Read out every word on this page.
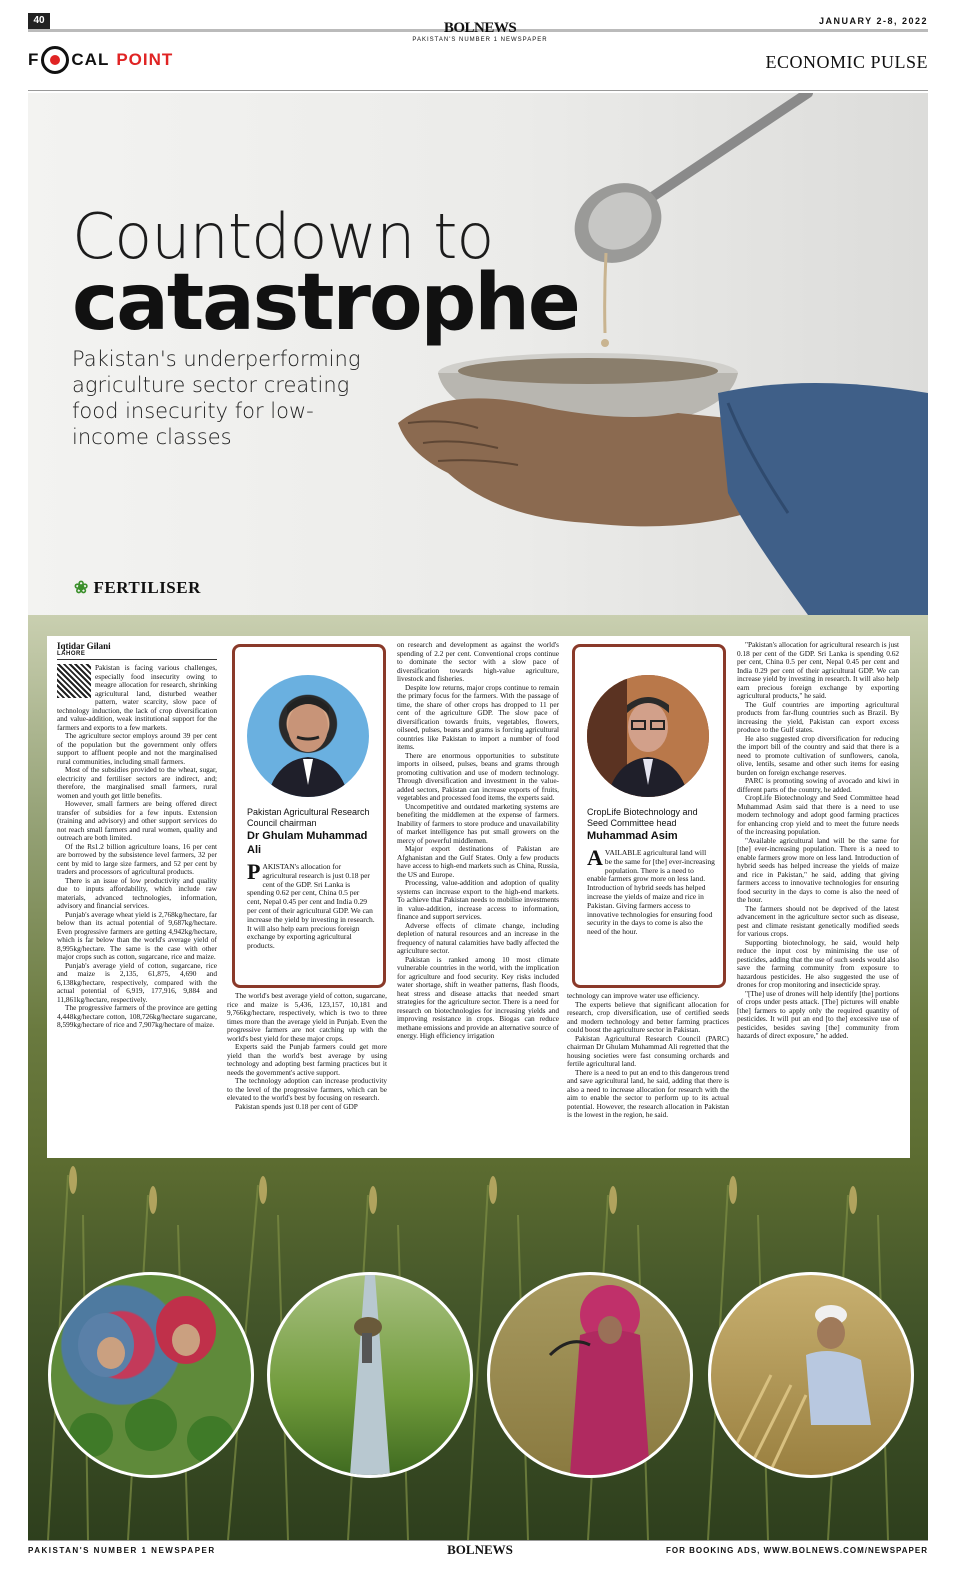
40	BOLNEWS
PAKISTAN'S NUMBER 1 NEWSPAPER
JANUARY 2-8, 2022
F CAL POINT	ECONOMIC PULSE
Countdown to
catastrophe
Pakistan's underperforming agriculture sector creating food insecurity for low-income classes
❀ FERTILISER
Iqtidar Gilani
LAHORE

Pakistan is facing various challenges, especially food insecurity owing to meagre allocation for research, shrinking agricultural land, disturbed weather pattern, water scarcity, slow pace of technology induction, the lack of crop diversification and value-addition, weak institutional support for the farmers and exports to a few markets.

The agriculture sector employs around 39 per cent of the population but the government only offers support to affluent people and not the marginalised rural communities, including small farmers.

Most of the subsidies provided to the wheat, sugar, electricity and fertiliser sectors are indirect, and; therefore, the marginalised small farmers, rural women and youth get little benefits.

However, small farmers are being offered direct transfer of subsidies for a few inputs. Extension (training and advisory) and other support services do not reach small farmers and rural women, quality and outreach are both limited.

Of the Rs1.2 billion agriculture loans, 16 per cent are borrowed by the subsistence level farmers, 32 per cent by mid to large size farmers, and 52 per cent by traders and processors of agricultural products.

There is an issue of low productivity and quality due to inputs affordability, which include raw materials, advanced technologies, information, advisory and financial services.

Punjab's average wheat yield is 2,768kg/hectare, far below than its actual potential of 9,687kg/hectare. Even progressive farmers are getting 4,942kg/hectare, which is far below than the world's average yield of 8,995kg/hectare. The same is the case with other major crops such as cotton, sugarcane, rice and maize.

Punjab's average yield of cotton, sugarcane, rice and maize is 2,135, 61,875, 4,690 and 6,138kg/hectare, respectively, compared with the actual potential of 6,919, 177,916, 9,884 and 11,861kg/hectare, respectively.

The progressive farmers of the province are getting 4,448kg/hectare cotton, 108,726kg/hectare sugarcane, 8,599kg/hectare of rice and 7,907kg/hectare of maize.

Pakistan Agricultural Research Council chairman
Dr Ghulam Muhammad Ali
P AKISTAN's allocation for agricultural research is just 0.18 per cent of the GDP. Sri Lanka is spending 0.62 per cent, China 0.5 per cent, Nepal 0.45 per cent and India 0.29 per cent of their agricultural GDP. We can increase the yield by investing in research. It will also help earn precious foreign exchange by exporting agricultural products.

The world's best average yield of cotton, sugarcane, rice and maize is 5,436, 123,157, 10,181 and 9,766kg/hectare, respectively, which is two to three times more than the average yield in Punjab. Even the progressive farmers are not catching up with the world's best yield for these major crops.

Experts said the Punjab farmers could get more yield than the world's best average by using technology and adopting best farming practices but it needs the government's active support.

The technology adoption can increase productivity to the level of the progressive farmers, which can be elevated to the world's best by focusing on research.

Pakistan spends just 0.18 per cent of GDP

on research and development as against the world's spending of 2.2 per cent. Conventional crops continue to dominate the sector with a slow pace of diversification towards high-value agriculture, livestock and fisheries.

Despite low returns, major crops continue to remain the primary focus for the farmers. With the passage of time, the share of other crops has dropped to 11 per cent of the agriculture GDP. The slow pace of diversification towards fruits, vegetables, flowers, oilseed, pulses, beans and grams is forcing agricultural countries like Pakistan to import a number of food items.

There are enormous opportunities to substitute imports in oilseed, pulses, beans and grams through promoting cultivation and use of modern technology. Through diversification and investment in the value-added sectors, Pakistan can increase exports of fruits, vegetables and processed food items, the experts said.

Uncompetitive and outdated marketing systems are benefiting the middlemen at the expense of farmers. Inability of farmers to store produce and unavailability of market intelligence has put small growers on the mercy of powerful middlemen.

Major export destinations of Pakistan are Afghanistan and the Gulf States. Only a few products have access to high-end markets such as China, Russia, the US and Europe.

Processing, value-addition and adoption of quality systems can increase export to the high-end markets. To achieve that Pakistan needs to mobilise investments in value-addition, increase access to information, finance and support services.

Adverse effects of climate change, including depletion of natural resources and an increase in the frequency of natural calamities have badly affected the agriculture sector.

Pakistan is ranked among 10 most climate vulnerable countries in the world, with the implication for agriculture and food security. Key risks included water shortage, shift in weather patterns, flash floods, heat stress and disease attacks that needed smart strategies for the agriculture sector. There is a need for research on biotechnologies for increasing yields and improving resistance in crops. Biogas can reduce methane emissions and provide an alternative source of energy. High efficiency irrigation

CropLife Biotechnology and Seed Committee head
Muhammad Asim
A VAILABLE agricultural land will be the same for [the] ever-increasing population. There is a need to enable farmers grow more on less land. Introduction of hybrid seeds has helped increase the yields of maize and rice in Pakistan. Giving farmers access to innovative technologies for ensuring food security in the days to come is also the need of the hour.

technology can improve water use efficiency.

The experts believe that significant allocation for research, crop diversification, use of certified seeds and modern technology and better farming practices could boost the agriculture sector in Pakistan.

Pakistan Agricultural Research Council (PARC) chairman Dr Ghulam Muhammad Ali regretted that the housing societies were fast consuming orchards and fertile agricultural land.

There is a need to put an end to this dangerous trend and save agricultural land, he said, adding that there is also a need to increase allocation for research with the aim to enable the sector to perform up to its actual potential. However, the research allocation in Pakistan is the lowest in the region, he said.

"Pakistan's allocation for agricultural research is just 0.18 per cent of the GDP. Sri Lanka is spending 0.62 per cent, China 0.5 per cent, Nepal 0.45 per cent and India 0.29 per cent of their agricultural GDP. We can increase yield by investing in research. It will also help earn precious foreign exchange by exporting agricultural products," he said.

The Gulf countries are importing agricultural products from far-flung countries such as Brazil. By increasing the yield, Pakistan can export excess produce to the Gulf states.

He also suggested crop diversification for reducing the import bill of the country and said that there is a need to promote cultivation of sunflowers, canola, olive, lentils, sesame and other such items for easing burden on foreign exchange reserves.

PARC is promoting sowing of avocado and kiwi in different parts of the country, he added.

CropLife Biotechnology and Seed Committee head Muhammad Asim said that there is a need to use modern technology and adopt good farming practices for enhancing crop yield and to meet the future needs of the increasing population.

"Available agricultural land will be the same for [the] ever-increasing population. There is a need to enable farmers grow more on less land. Introduction of hybrid seeds has helped increase the yields of maize and rice in Pakistan," he said, adding that giving farmers access to innovative technologies for ensuring food security in the days to come is also the need of the hour.

The farmers should not be deprived of the latest advancement in the agriculture sector such as disease, pest and climate resistant genetically modified seeds for various crops.

Supporting biotechnology, he said, would help reduce the input cost by minimising the use of pesticides, adding that the use of such seeds would also save the farming community from exposure to hazardous pesticides. He also suggested the use of drones for crop monitoring and insecticide spray.

"[The] use of drones will help identify [the] portions of crops under pests attack. [The] pictures will enable [the] farmers to apply only the required quantity of pesticides. It will put an end [to the] excessive use of pesticides, besides saving [the] community from hazards of direct exposure," he added.

PAKISTAN'S NUMBER 1 NEWSPAPER	BOLNEWS	FOR BOOKING ADS, WWW.BOLNEWS.COM/NEWSPAPER
